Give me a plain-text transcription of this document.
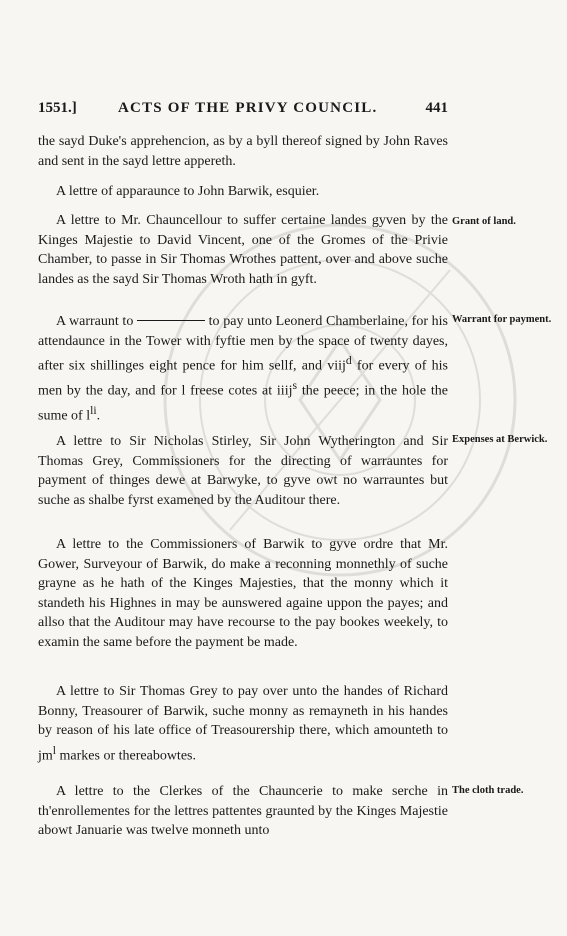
1551.]	ACTS OF THE PRIVY COUNCIL.	441

the sayd Duke's apprehencion, as by a byll thereof signed by John Raves and sent in the sayd lettre appereth.

A lettre of apparaunce to John Barwik, esquier.

A lettre to Mr. Chauncellour to suffer certaine landes gyven by the Kinges Majestie to David Vincent, one of the Gromes of the Privie Chamber, to passe in Sir Thomas Wrothes pattent, over and above suche landes as the sayd Sir Thomas Wroth hath in gyft.

Grant of land.

A warraunt to	to pay unto Leonerd Chamberlaine, for his attendaunce in the Tower with fyftie men by the space of twenty dayes, after six shillinges eight pence for him sellf, and viij$^d$ for every of his men by the day, and for l freese cotes at iiij$^s$ the peece; in the hole the sume of $l^{li}$.

Warrant for payment.

A lettre to Sir Nicholas Stirley, Sir John Wytherington and Sir Thomas Grey, Commissioners for the directing of warrauntes for payment of thinges dewe at Barwyke, to gyve owt no warrauntes but suche as shalbe fyrst examened by the Auditour there.

Expenses at Berwick.

A lettre to the Commissioners of Barwik to gyve ordre that Mr. Gower, Surveyour of Barwik, do make a reconning monnethly of suche grayne as he hath of the Kinges Majesties, that the monny which it standeth his Highnes in may be aunswered againe uppon the payes; and allso that the Auditour may have recourse to the pay bookes weekely, to examin the same before the payment be made.

A lettre to Sir Thomas Grey to pay over unto the handes of Richard Bonny, Treasourer of Barwik, suche monny as remayneth in his handes by reason of his late office of Treasourership there, which amounteth to $jm^l$ markes or thereabowtes.

A lettre to the Clerkes of the Chauncerie to make serche in th'enrollementes for the lettres pattentes graunted by the Kinges Majestie abowt Januarie was twelve monneth unto

The cloth trade.
